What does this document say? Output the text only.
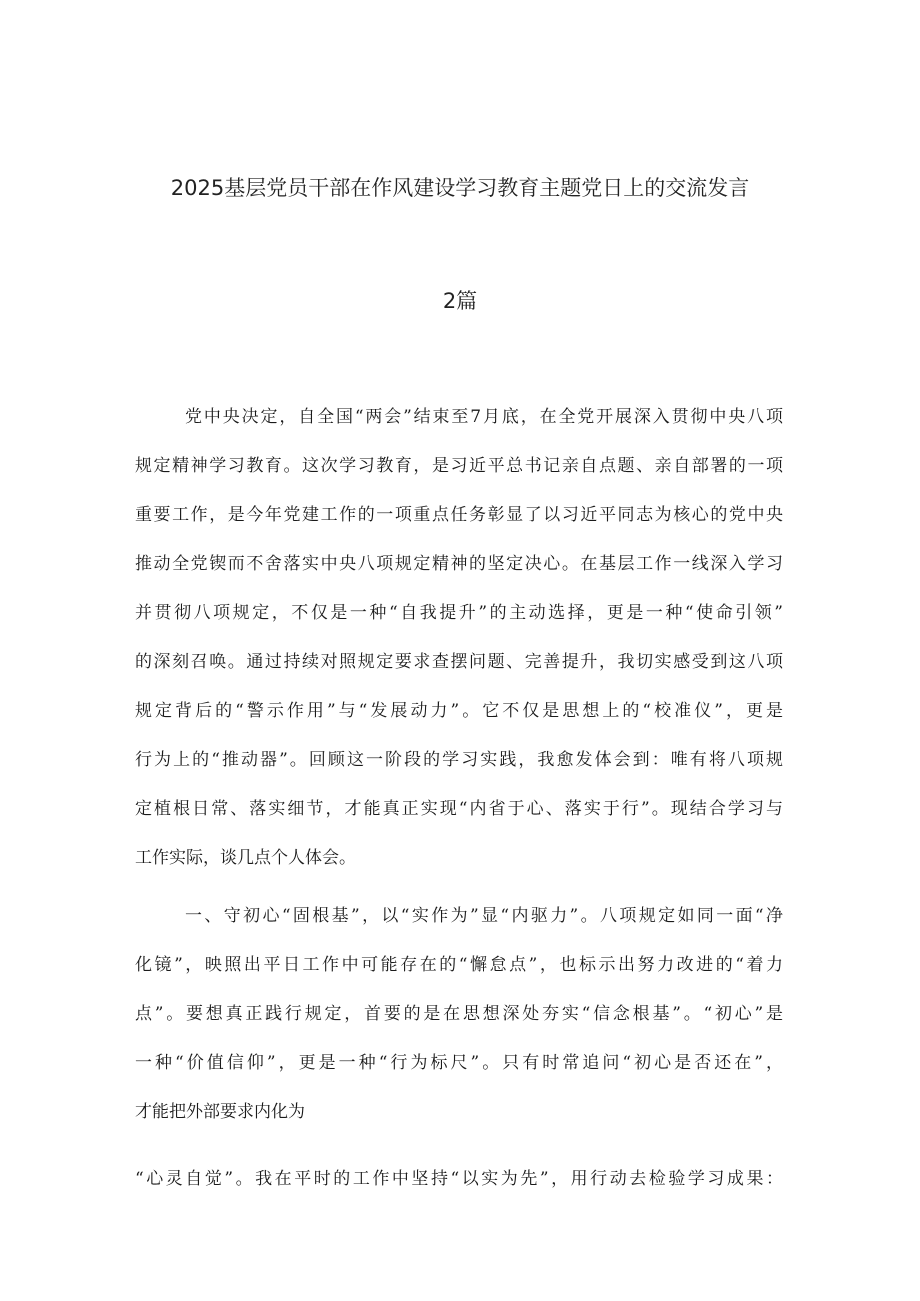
2025基层党员干部在作风建设学习教育主题党日上的交流发言
2篇
党中央决定，自全国“两会”结束至7月底，在全党开展深入贯彻中央八项
规定精神学习教育。这次学习教育，是习近平总书记亲自点题、亲自部署的一项
重要工作，是今年党建工作的一项重点任务彰显了以习近平同志为核心的党中央
推动全党锲而不舍落实中央八项规定精神的坚定决心。在基层工作一线深入学习
并贯彻八项规定，不仅是一种“自我提升”的主动选择，更是一种“使命引领”
的深刻召唤。通过持续对照规定要求查摆问题、完善提升，我切实感受到这八项
规定背后的“警示作用”与“发展动力”。它不仅是思想上的“校准仪”，更是
行为上的“推动器”。回顾这一阶段的学习实践，我愈发体会到：唯有将八项规
定植根日常、落实细节，才能真正实现“内省于心、落实于行”。现结合学习与
工作实际，谈几点个人体会。
一、守初心“固根基”，以“实作为”显“内驱力”。八项规定如同一面“净
化镜”，映照出平日工作中可能存在的“懈怠点”，也标示出努力改进的“着力
点”。要想真正践行规定，首要的是在思想深处夯实“信念根基”。“初心”是
一种“价值信仰”，更是一种“行为标尺”。只有时常追问“初心是否还在”，
才能把外部要求内化为
“心灵自觉”。我在平时的工作中坚持“以实为先”，用行动去检验学习成果：
